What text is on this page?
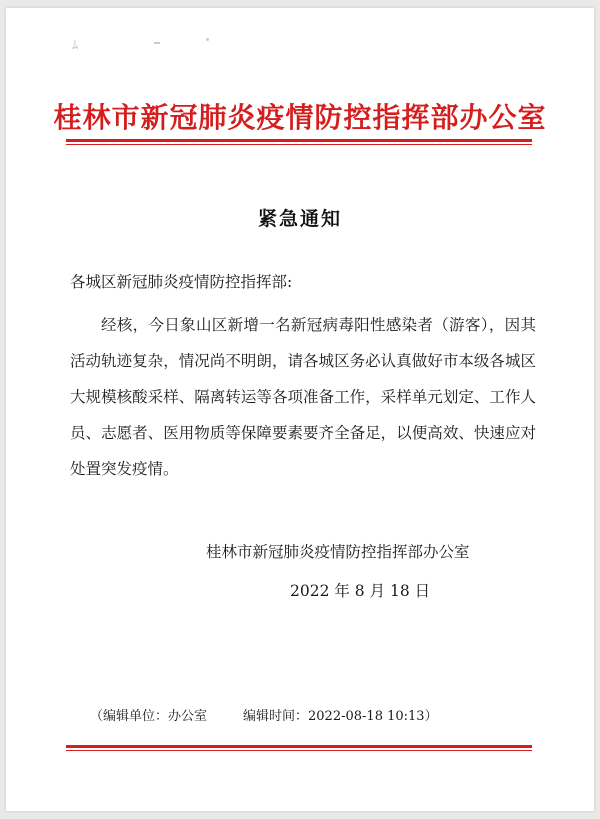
ﾑ
桂林市新冠肺炎疫情防控指挥部办公室
紧急通知
各城区新冠肺炎疫情防控指挥部:
经核，今日象山区新增一名新冠病毒阳性感染者（游客），因其活动轨迹复杂，情况尚不明朗，请各城区务必认真做好市本级各城区大规模核酸采样、隔离转运等各项准备工作，采样单元划定、工作人员、志愿者、医用物质等保障要素要齐全备足，以便高效、快速应对处置突发疫情。
桂林市新冠肺炎疫情防控指挥部办公室
2022 年 8 月 18 日
（编辑单位：办公室	编辑时间：2022-08-18 10:13）
